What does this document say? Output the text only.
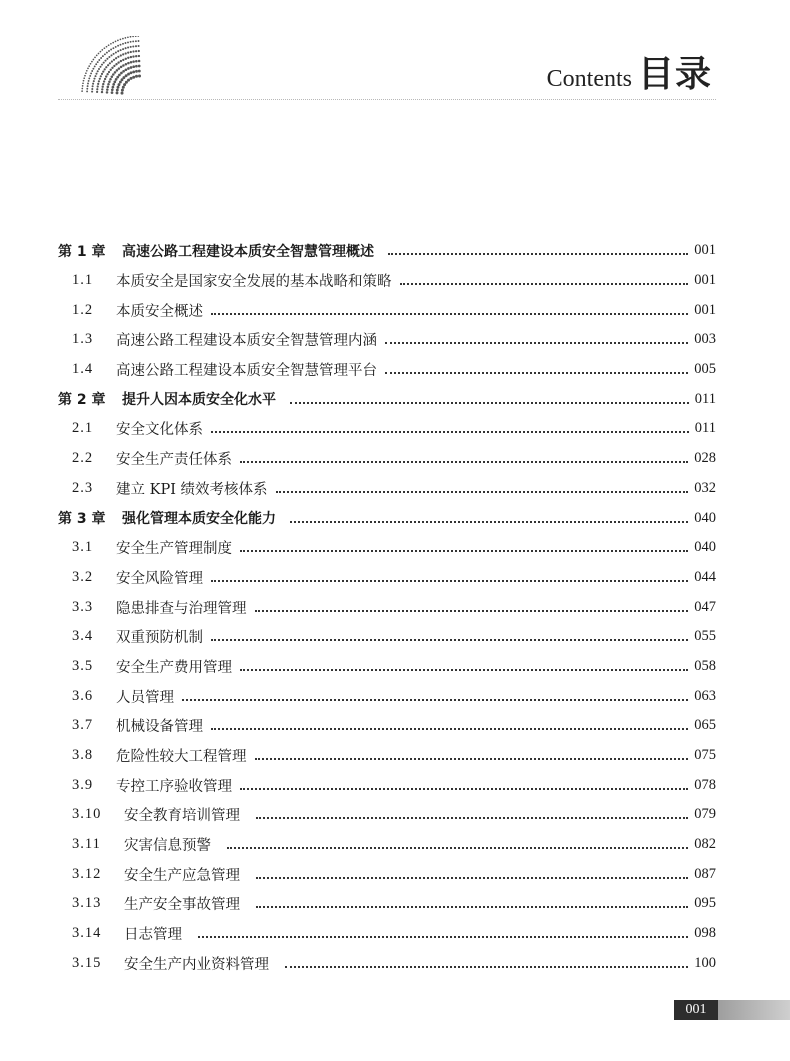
Contents 目录
第 1 章	高速公路工程建设本质安全智慧管理概述	001
1.1	本质安全是国家安全发展的基本战略和策略	001
1.2	本质安全概述	001
1.3	高速公路工程建设本质安全智慧管理内涵	003
1.4	高速公路工程建设本质安全智慧管理平台	005
第 2 章	提升人因本质安全化水平	011
2.1	安全文化体系	011
2.2	安全生产责任体系	028
2.3	建立 KPI 绩效考核体系	032
第 3 章	强化管理本质安全化能力	040
3.1	安全生产管理制度	040
3.2	安全风险管理	044
3.3	隐患排查与治理管理	047
3.4	双重预防机制	055
3.5	安全生产费用管理	058
3.6	人员管理	063
3.7	机械设备管理	065
3.8	危险性较大工程管理	075
3.9	专控工序验收管理	078
3.10	安全教育培训管理	079
3.11	灾害信息预警	082
3.12	安全生产应急管理	087
3.13	生产安全事故管理	095
3.14	日志管理	098
3.15	安全生产内业资料管理	100
001
